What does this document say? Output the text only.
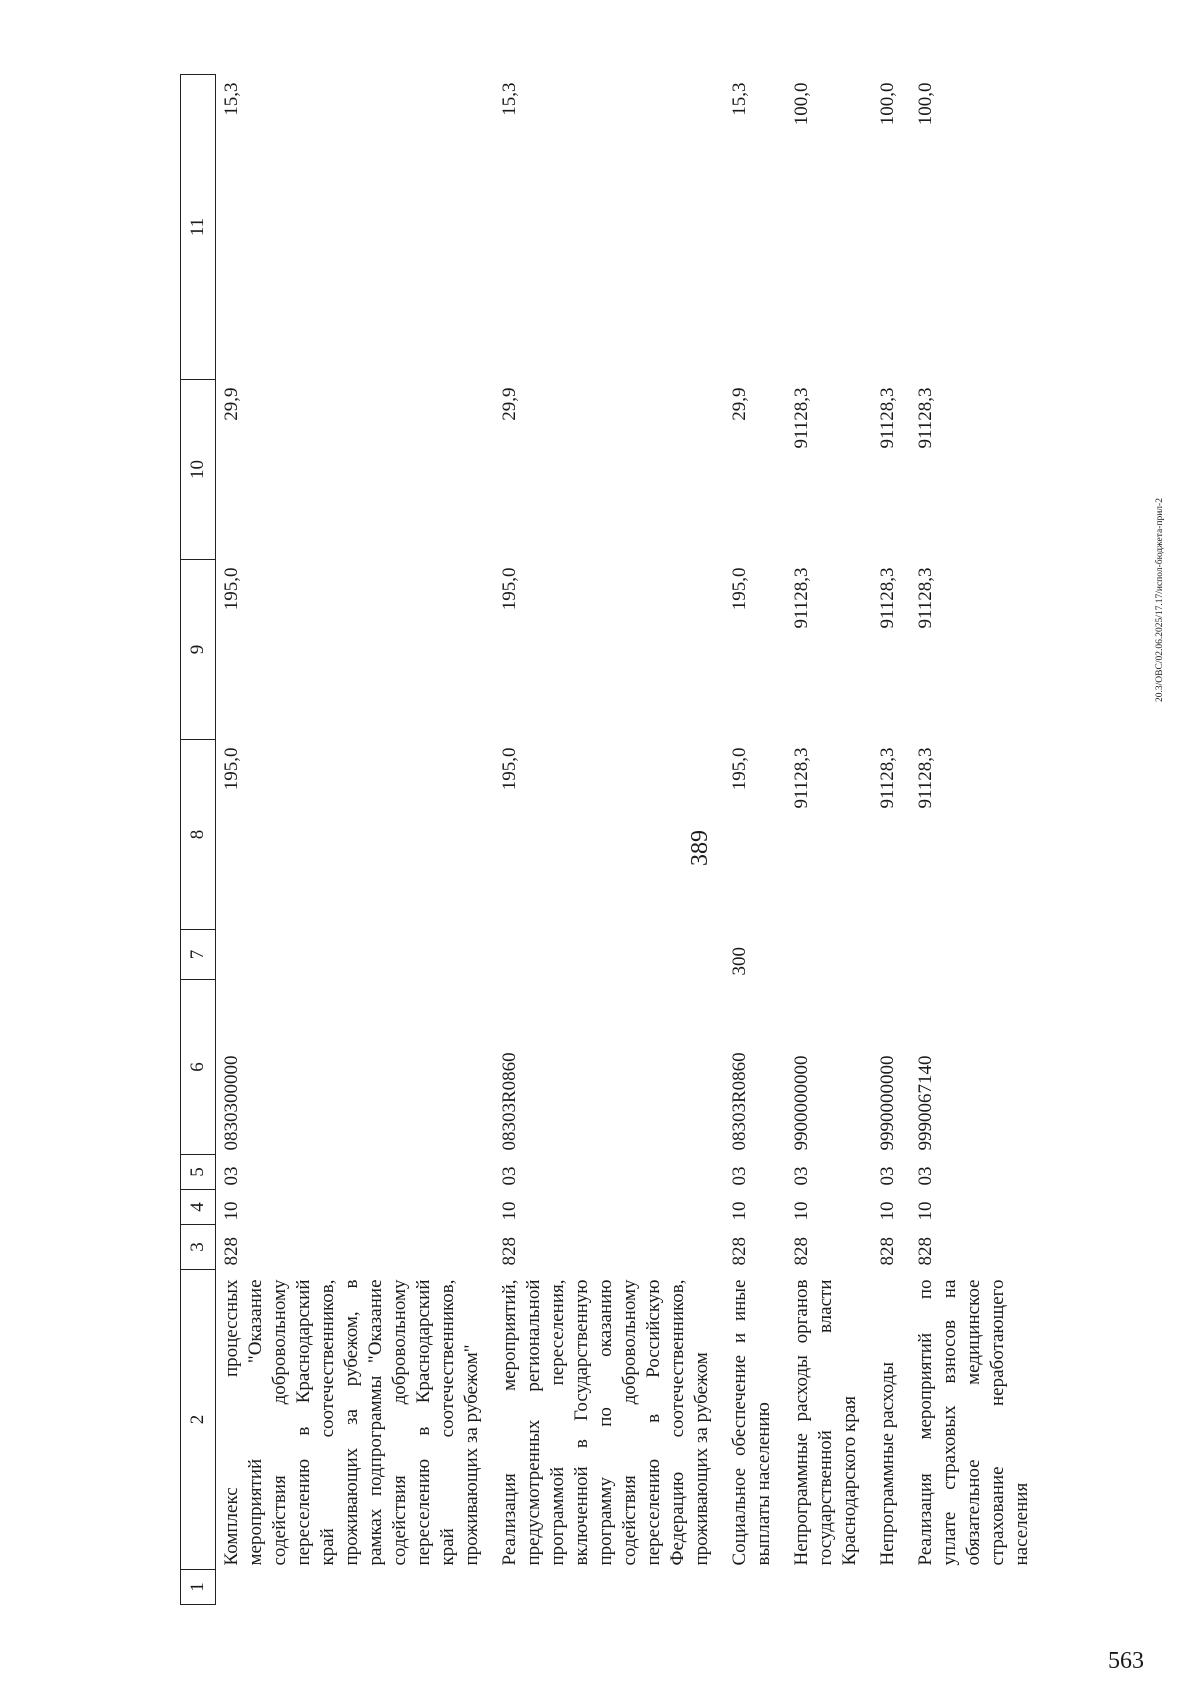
389
1	2	3	4	5	6	7	8	9	10	11
	Комплекс процессных мероприятий "Оказание содействия добровольному переселению в Краснодарский край соотечественников, проживающих за рубежом, в рамках подпрограммы "Оказание содействия добровольному переселению в Краснодарский край соотечественников, проживающих за рубежом"	828	10	03	0830300000		195,0	195,0	29,9	15,3
	Реализация мероприятий, предусмотренных региональной программой переселения, включенной в Государственную программу по оказанию содействия добровольному переселению в Российскую Федерацию соотечественников, проживающих за рубежом	828	10	03	08303R0860		195,0	195,0	29,9	15,3
	Социальное обеспечение и иные выплаты населению	828	10	03	08303R0860	300	195,0	195,0	29,9	15,3
	Непрограммные расходы органов государственной власти Краснодарского края	828	10	03	9900000000		91128,3	91128,3	91128,3	100,0
	Непрограммные расходы	828	10	03	9990000000		91128,3	91128,3	91128,3	100,0
	Реализация мероприятий по уплате страховых взносов на обязательное медицинское страхование неработающего населения	828	10	03	9990067140		91128,3	91128,3	91128,3	100,0
20.3/ОВС/02.06.2025/17.17/испол-бюджета-прил-2
563
